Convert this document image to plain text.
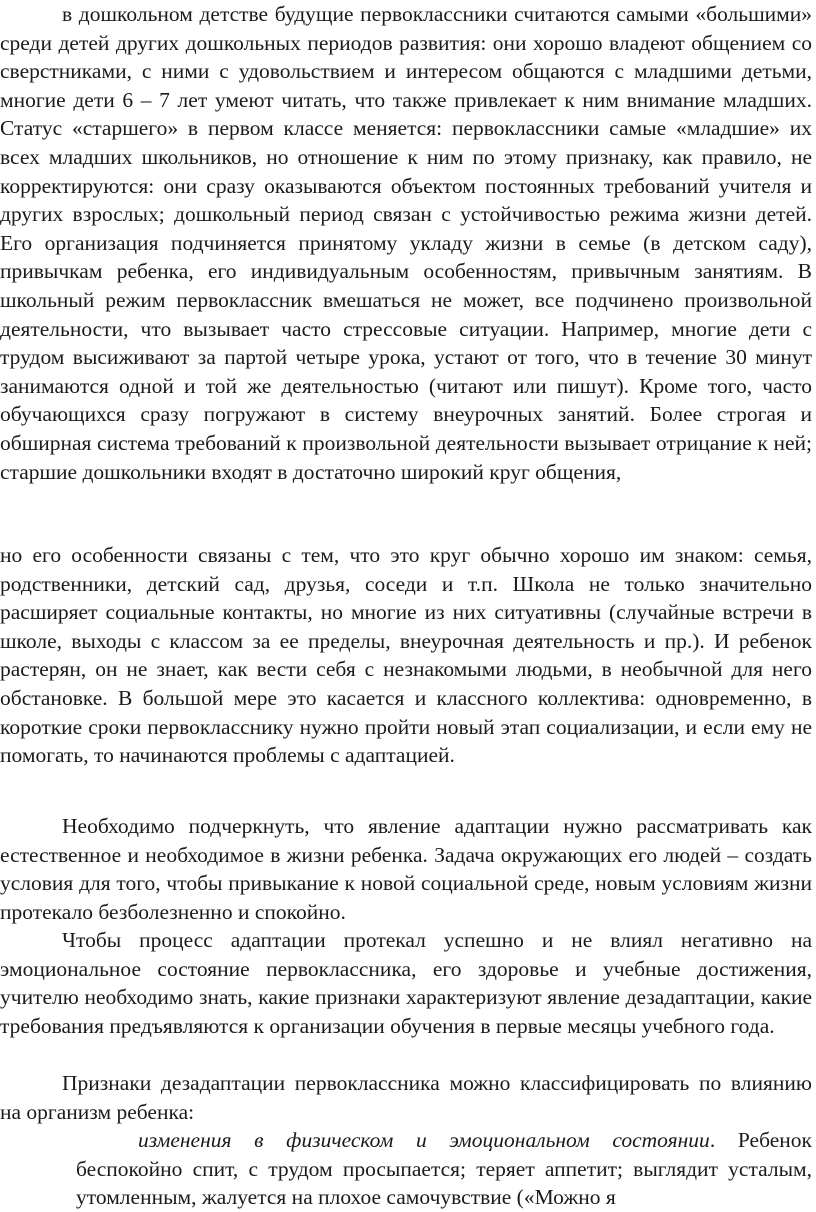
в дошкольном детстве будущие первоклассники считаются самыми «большими» среди детей других дошкольных периодов развития: они хорошо владеют общением со сверстниками, с ними с удовольствием и интересом общаются с младшими детьми, многие дети 6 – 7 лет умеют читать, что также привлекает к ним внимание младших. Статус «старшего» в первом классе меняется: первоклассники самые «младшие» их всех младших школьников, но отношение к ним по этому признаку, как правило, не корректируются: они сразу оказываются объектом постоянных требований учителя и других взрослых; дошкольный период связан с устойчивостью режима жизни детей. Его организация подчиняется принятому укладу жизни в семье (в детском саду), привычкам ребенка, его индивидуальным особенностям, привычным занятиям. В школьный режим первоклассник вмешаться не может, все подчинено произвольной деятельности, что вызывает часто стрессовые ситуации. Например, многие дети с трудом высиживают за партой четыре урока, устают от того, что в течение 30 минут занимаются одной и той же деятельностью (читают или пишут). Кроме того, часто обучающихся сразу погружают в систему внеурочных занятий. Более строгая и обширная система требований к произвольной деятельности вызывает отрицание к ней; старшие дошкольники входят в достаточно широкий круг общения,

но его особенности связаны с тем, что это круг обычно хорошо им знаком: семья, родственники, детский сад, друзья, соседи и т.п. Школа не только значительно расширяет социальные контакты, но многие из них ситуативны (случайные встречи в школе, выходы с классом за ее пределы, внеурочная деятельность и пр.). И ребенок растерян, он не знает, как вести себя с незнакомыми людьми, в необычной для него обстановке. В большой мере это касается и классного коллектива: одновременно, в короткие сроки первокласснику нужно пройти новый этап социализации, и если ему не помогать, то начинаются проблемы с адаптацией.

Необходимо подчеркнуть, что явление адаптации нужно рассматривать как естественное и необходимое в жизни ребенка. Задача окружающих его людей – создать условия для того, чтобы привыкание к новой социальной среде, новым условиям жизни протекало безболезненно и спокойно.

Чтобы процесс адаптации протекал успешно и не влиял негативно на эмоциональное состояние первоклассника, его здоровье и учебные достижения, учителю необходимо знать, какие признаки характеризуют явление дезадаптации, какие требования предъявляются к организации обучения в первые месяцы учебного года.

Признаки дезадаптации первоклассника можно классифицировать по влиянию на организм ребенка:

изменения в физическом и эмоциональном состоянии. Ребенок беспокойно спит, с трудом просыпается; теряет аппетит; выглядит усталым, утомленным, жалуется на плохое самочувствие («Можно я
